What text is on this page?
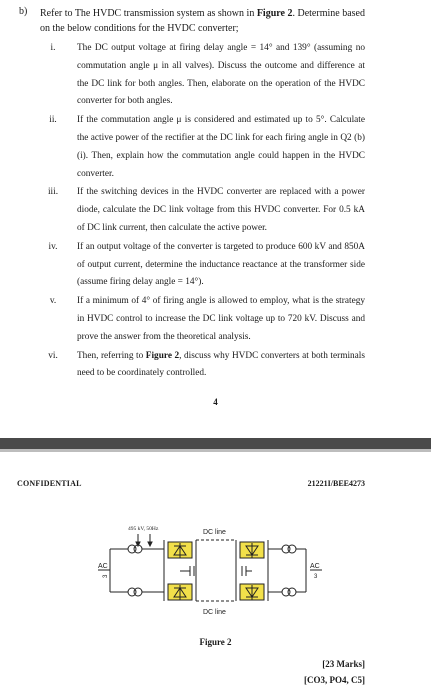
b) Refer to The HVDC transmission system as shown in Figure 2. Determine based on the below conditions for the HVDC converter;
i.	The DC output voltage at firing delay angle = 14° and 139° (assuming no commutation angle μ in all valves). Discuss the outcome and difference at the DC link for both angles. Then, elaborate on the operation of the HVDC converter for both angles.
ii.	If the commutation angle μ is considered and estimated up to 5°. Calculate the active power of the rectifier at the DC link for each firing angle in Q2 (b) (i). Then, explain how the commutation angle could happen in the HVDC converter.
iii.	If the switching devices in the HVDC converter are replaced with a power diode, calculate the DC link voltage from this HVDC converter. For 0.5 kA of DC link current, then calculate the active power.
iv.	If an output voltage of the converter is targeted to produce 600 kV and 850A of output current, determine the inductance reactance at the transformer side (assume firing delay angle = 14°).
v.	If a minimum of 4° of firing angle is allowed to employ, what is the strategy in HVDC control to increase the DC link voltage up to 720 kV. Discuss and prove the answer from the theoretical analysis.
vi.	Then, referring to Figure 2, discuss why HVDC converters at both terminals need to be coordinately controlled.
4
CONFIDENTIAL	21221I/BEE4273
495 kV, 50Hz	DC line
DC line
AC
3
AC
3
Figure 2
[23 Marks]
[CO3, PO4, C5]
